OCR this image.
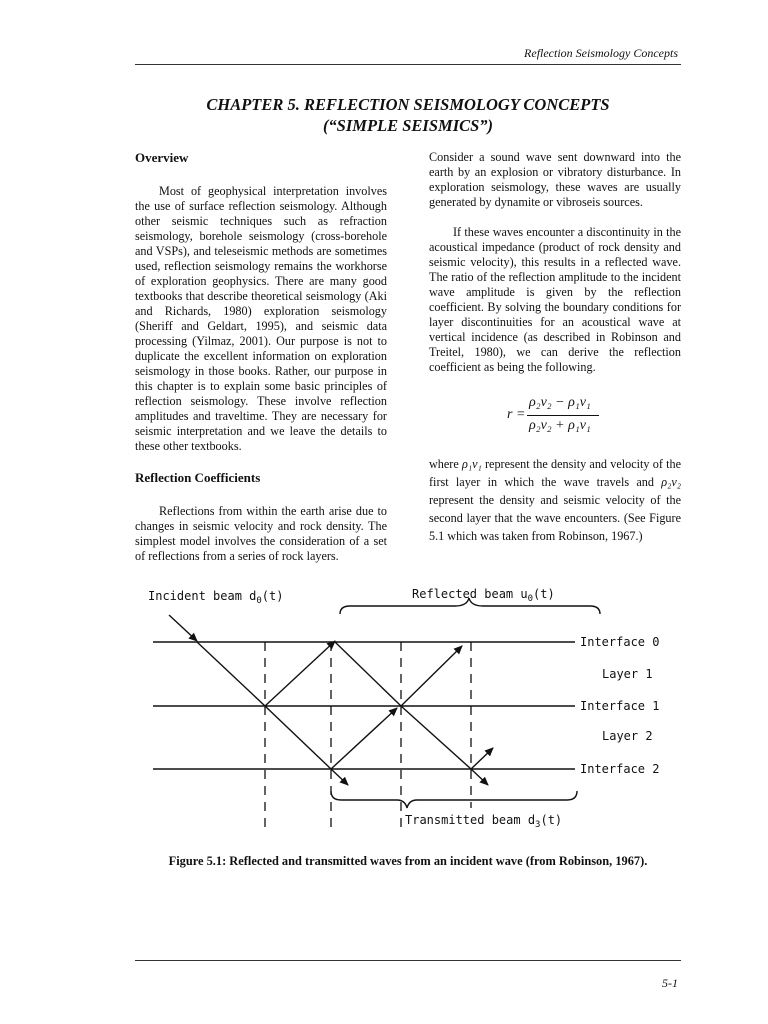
Reflection Seismology Concepts
CHAPTER 5. REFLECTION SEISMOLOGY CONCEPTS
(“SIMPLE SEISMICS”)

Overview

Most of geophysical interpretation involves the use of surface reflection seismology. Although other seismic techniques such as refraction seismology, borehole seismology (cross-borehole and VSPs), and teleseismic methods are sometimes used, reflection seismology remains the workhorse of exploration geophysics. There are many good textbooks that describe theoretical seismology (Aki and Richards, 1980) exploration seismology (Sheriff and Geldart, 1995), and seismic data processing (Yilmaz, 2001). Our purpose is not to duplicate the excellent information on exploration seismology in those books. Rather, our purpose in this chapter is to explain some basic principles of reflection seismology. These involve reflection amplitudes and traveltime. They are necessary for seismic interpretation and we leave the details to these other textbooks.

Reflection Coefficients

Reflections from within the earth arise due to changes in seismic velocity and rock density. The simplest model involves the consideration of a set of reflections from a series of rock layers.

Consider a sound wave sent downward into the earth by an explosion or vibratory disturbance. In exploration seismology, these waves are usually generated by dynamite or vibroseis sources.

If these waves encounter a discontinuity in the acoustical impedance (product of rock density and seismic velocity), this results in a reflected wave. The ratio of the reflection amplitude to the incident wave amplitude is given by the reflection coefficient. By solving the boundary conditions for layer discontinuities for an acoustical wave at vertical incidence (as described in Robinson and Treitel, 1980), we can derive the reflection coefficient as being the following.

r =
ρ₂v₂ − ρ₁v₁
ρ₂v₂ + ρ₁v₁

where ρ₁v₁ represent the density and velocity of the first layer in which the wave travels and ρ₂v₂ represent the density and seismic velocity of the second layer that the wave encounters. (See Figure 5.1 which was taken from Robinson, 1967.)

Incident beam $d_0(t)$	Reflected beam $u_0(t)$
Interface 0
Layer 1
Interface 1
Layer 2
Interface 2
Transmitted beam $d_3(t)$
Figure 5.1: Reflected and transmitted waves from an incident wave (from Robinson, 1967).
5-1
